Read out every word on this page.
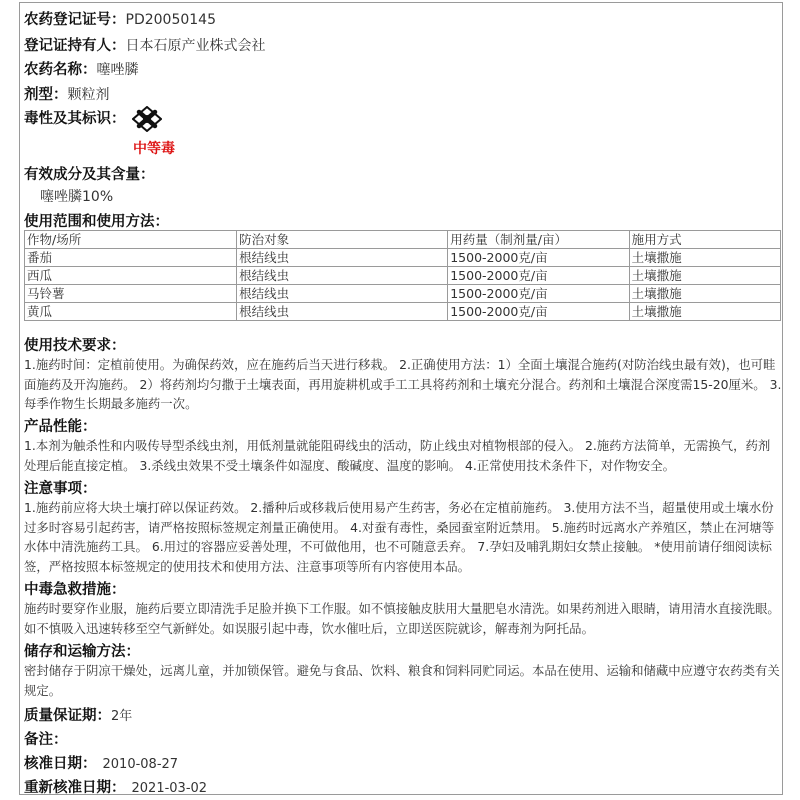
农药登记证号：PD20050145
登记证持有人：日本石原产业株式会社
农药名称：噻唑膦
剂型：颗粒剂
毒性及其标识：
中等毒
有效成分及其含量：
噻唑膦10%
使用范围和使用方法：
作物/场所	防治对象	用药量（制剂量/亩）	施用方式
番茄	根结线虫	1500-2000克/亩	土壤撒施
西瓜	根结线虫	1500-2000克/亩	土壤撒施
马铃薯	根结线虫	1500-2000克/亩	土壤撒施
黄瓜	根结线虫	1500-2000克/亩	土壤撒施
使用技术要求：
1.施药时间：定植前使用。为确保药效，应在施药后当天进行移栽。 2.正确使用方法：1）全面土壤混合施药(对防治线虫最有效)，也可畦面施药及开沟施药。 2）将药剂均匀撒于土壤表面，再用旋耕机或手工工具将药剂和土壤充分混合。药剂和土壤混合深度需15-20厘米。 3.每季作物生长期最多施药一次。
产品性能：
1.本剂为触杀性和内吸传导型杀线虫剂，用低剂量就能阻碍线虫的活动，防止线虫对植物根部的侵入。 2.施药方法简单，无需换气，药剂处理后能直接定植。 3.杀线虫效果不受土壤条件如湿度、酸碱度、温度的影响。 4.正常使用技术条件下，对作物安全。
注意事项：
1.施药前应将大块土壤打碎以保证药效。 2.播种后或移栽后使用易产生药害，务必在定植前施药。 3.使用方法不当，超量使用或土壤水份过多时容易引起药害，请严格按照标签规定剂量正确使用。 4.对蚕有毒性，桑园蚕室附近禁用。 5.施药时远离水产养殖区，禁止在河塘等水体中清洗施药工具。 6.用过的容器应妥善处理，不可做他用，也不可随意丢弃。 7.孕妇及哺乳期妇女禁止接触。 *使用前请仔细阅读标签，严格按照本标签规定的使用技术和使用方法、注意事项等所有内容使用本品。
中毒急救措施：
施药时要穿作业服，施药后要立即清洗手足脸并换下工作服。如不慎接触皮肤用大量肥皂水清洗。如果药剂进入眼睛，请用清水直接洗眼。如不慎吸入迅速转移至空气新鲜处。如误服引起中毒，饮水催吐后，立即送医院就诊，解毒剂为阿托品。
储存和运输方法：
密封储存于阴凉干燥处，远离儿童，并加锁保管。避免与食品、饮料、粮食和饲料同贮同运。本品在使用、运输和储藏中应遵守农药类有关规定。
质量保证期：2年
备注：
核准日期： 2010-08-27
重新核准日期： 2021-03-02
